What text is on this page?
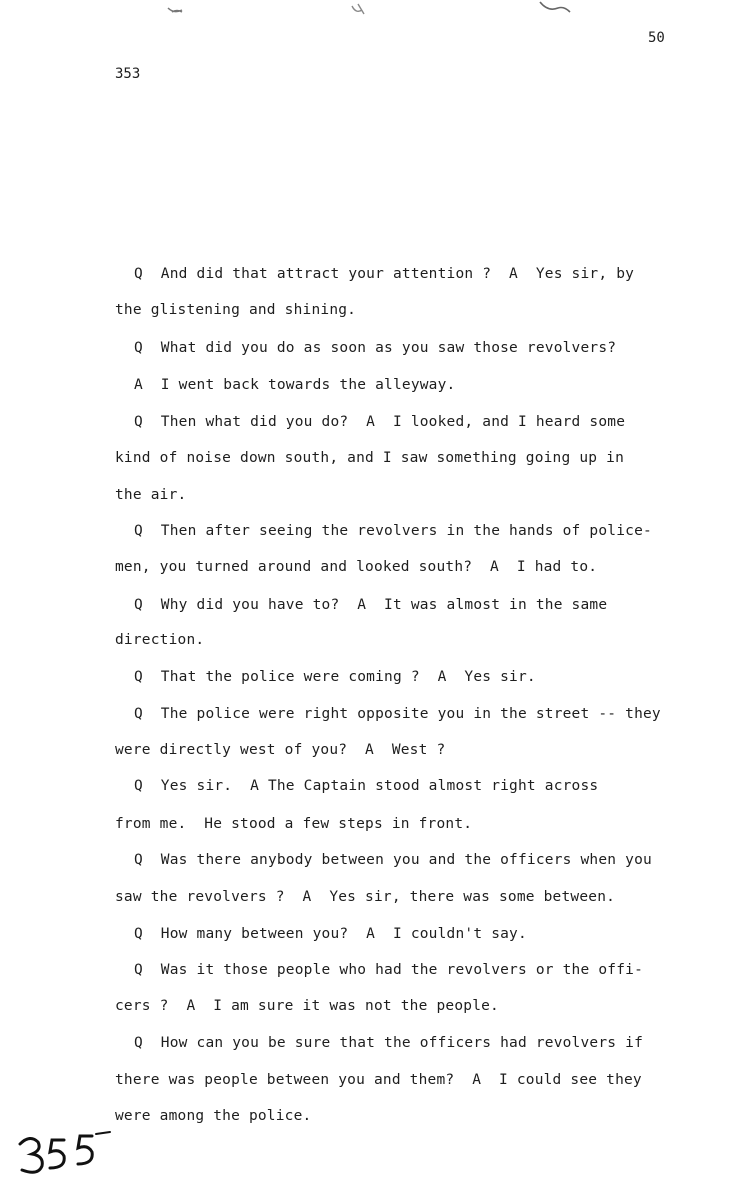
50
353
Q  And did that attract your attention ?  A  Yes sir, by
the glistening and shining.
Q  What did you do as soon as you saw those revolvers?
A  I went back towards the alleyway.
Q  Then what did you do?  A  I looked, and I heard some
kind of noise down south, and I saw something going up in
the air.
Q  Then after seeing the revolvers in the hands of police-
men, you turned around and looked south?  A  I had to.
Q  Why did you have to?  A  It was almost in the same
direction.
Q  That the police were coming ?  A  Yes sir.
Q  The police were right opposite you in the street -- they
were directly west of you?  A  West ?
Q  Yes sir.  A The Captain stood almost right across
from me.  He stood a few steps in front.
Q  Was there anybody between you and the officers when you
saw the revolvers ?  A  Yes sir, there was some between.
Q  How many between you?  A  I couldn't say.
Q  Was it those people who had the revolvers or the offi-
cers ?  A  I am sure it was not the people.
Q  How can you be sure that the officers had revolvers if
there was people between you and them?  A  I could see they
were among the police.
